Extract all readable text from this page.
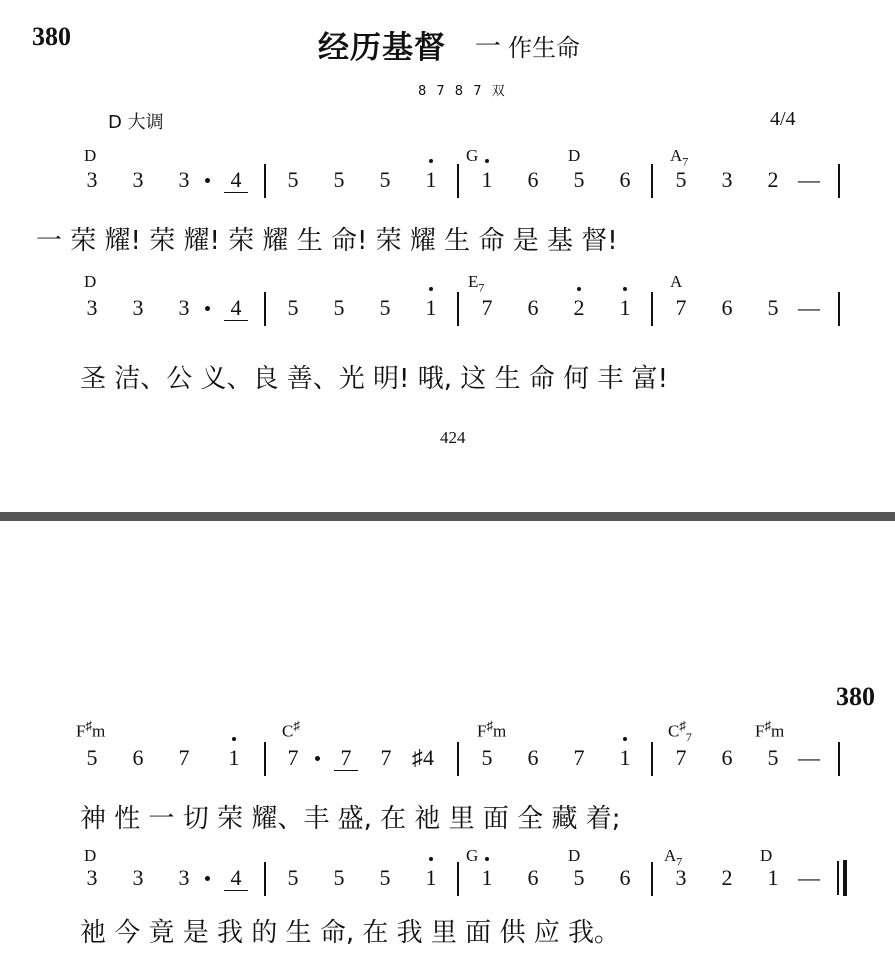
380	经历基督 一 作生命
8 7 8 7 双
D 大调	4/4
D	G	D	$A_7$
3 3 3 4 5 5 5 1 1 6 5 6 5 3 2 —
一 荣 耀! 荣 耀! 荣 耀 生 命! 荣 耀 生 命 是 基 督!
D	$E_7$	A
3 3 3 4 5 5 5 1 7 6 2 1 7 6 5 —
圣 洁、公 义、良 善、光 明! 哦, 这 生 命 何 丰 富!
424
380
F♯m	C♯	F♯m	$C^♯_7$	F♯m
5 6 7 1 7 7 7 ♯4 5 6 7 1 7 6 5 —
神 性 一 切 荣 耀、丰 盛, 在 祂 里 面 全 藏 着;
D	G	D	$A_7$	D
3 3 3 4 5 5 5 1 1 6 5 6 3 2 1 —
祂 今 竟 是 我 的 生 命, 在 我 里 面 供 应 我。
